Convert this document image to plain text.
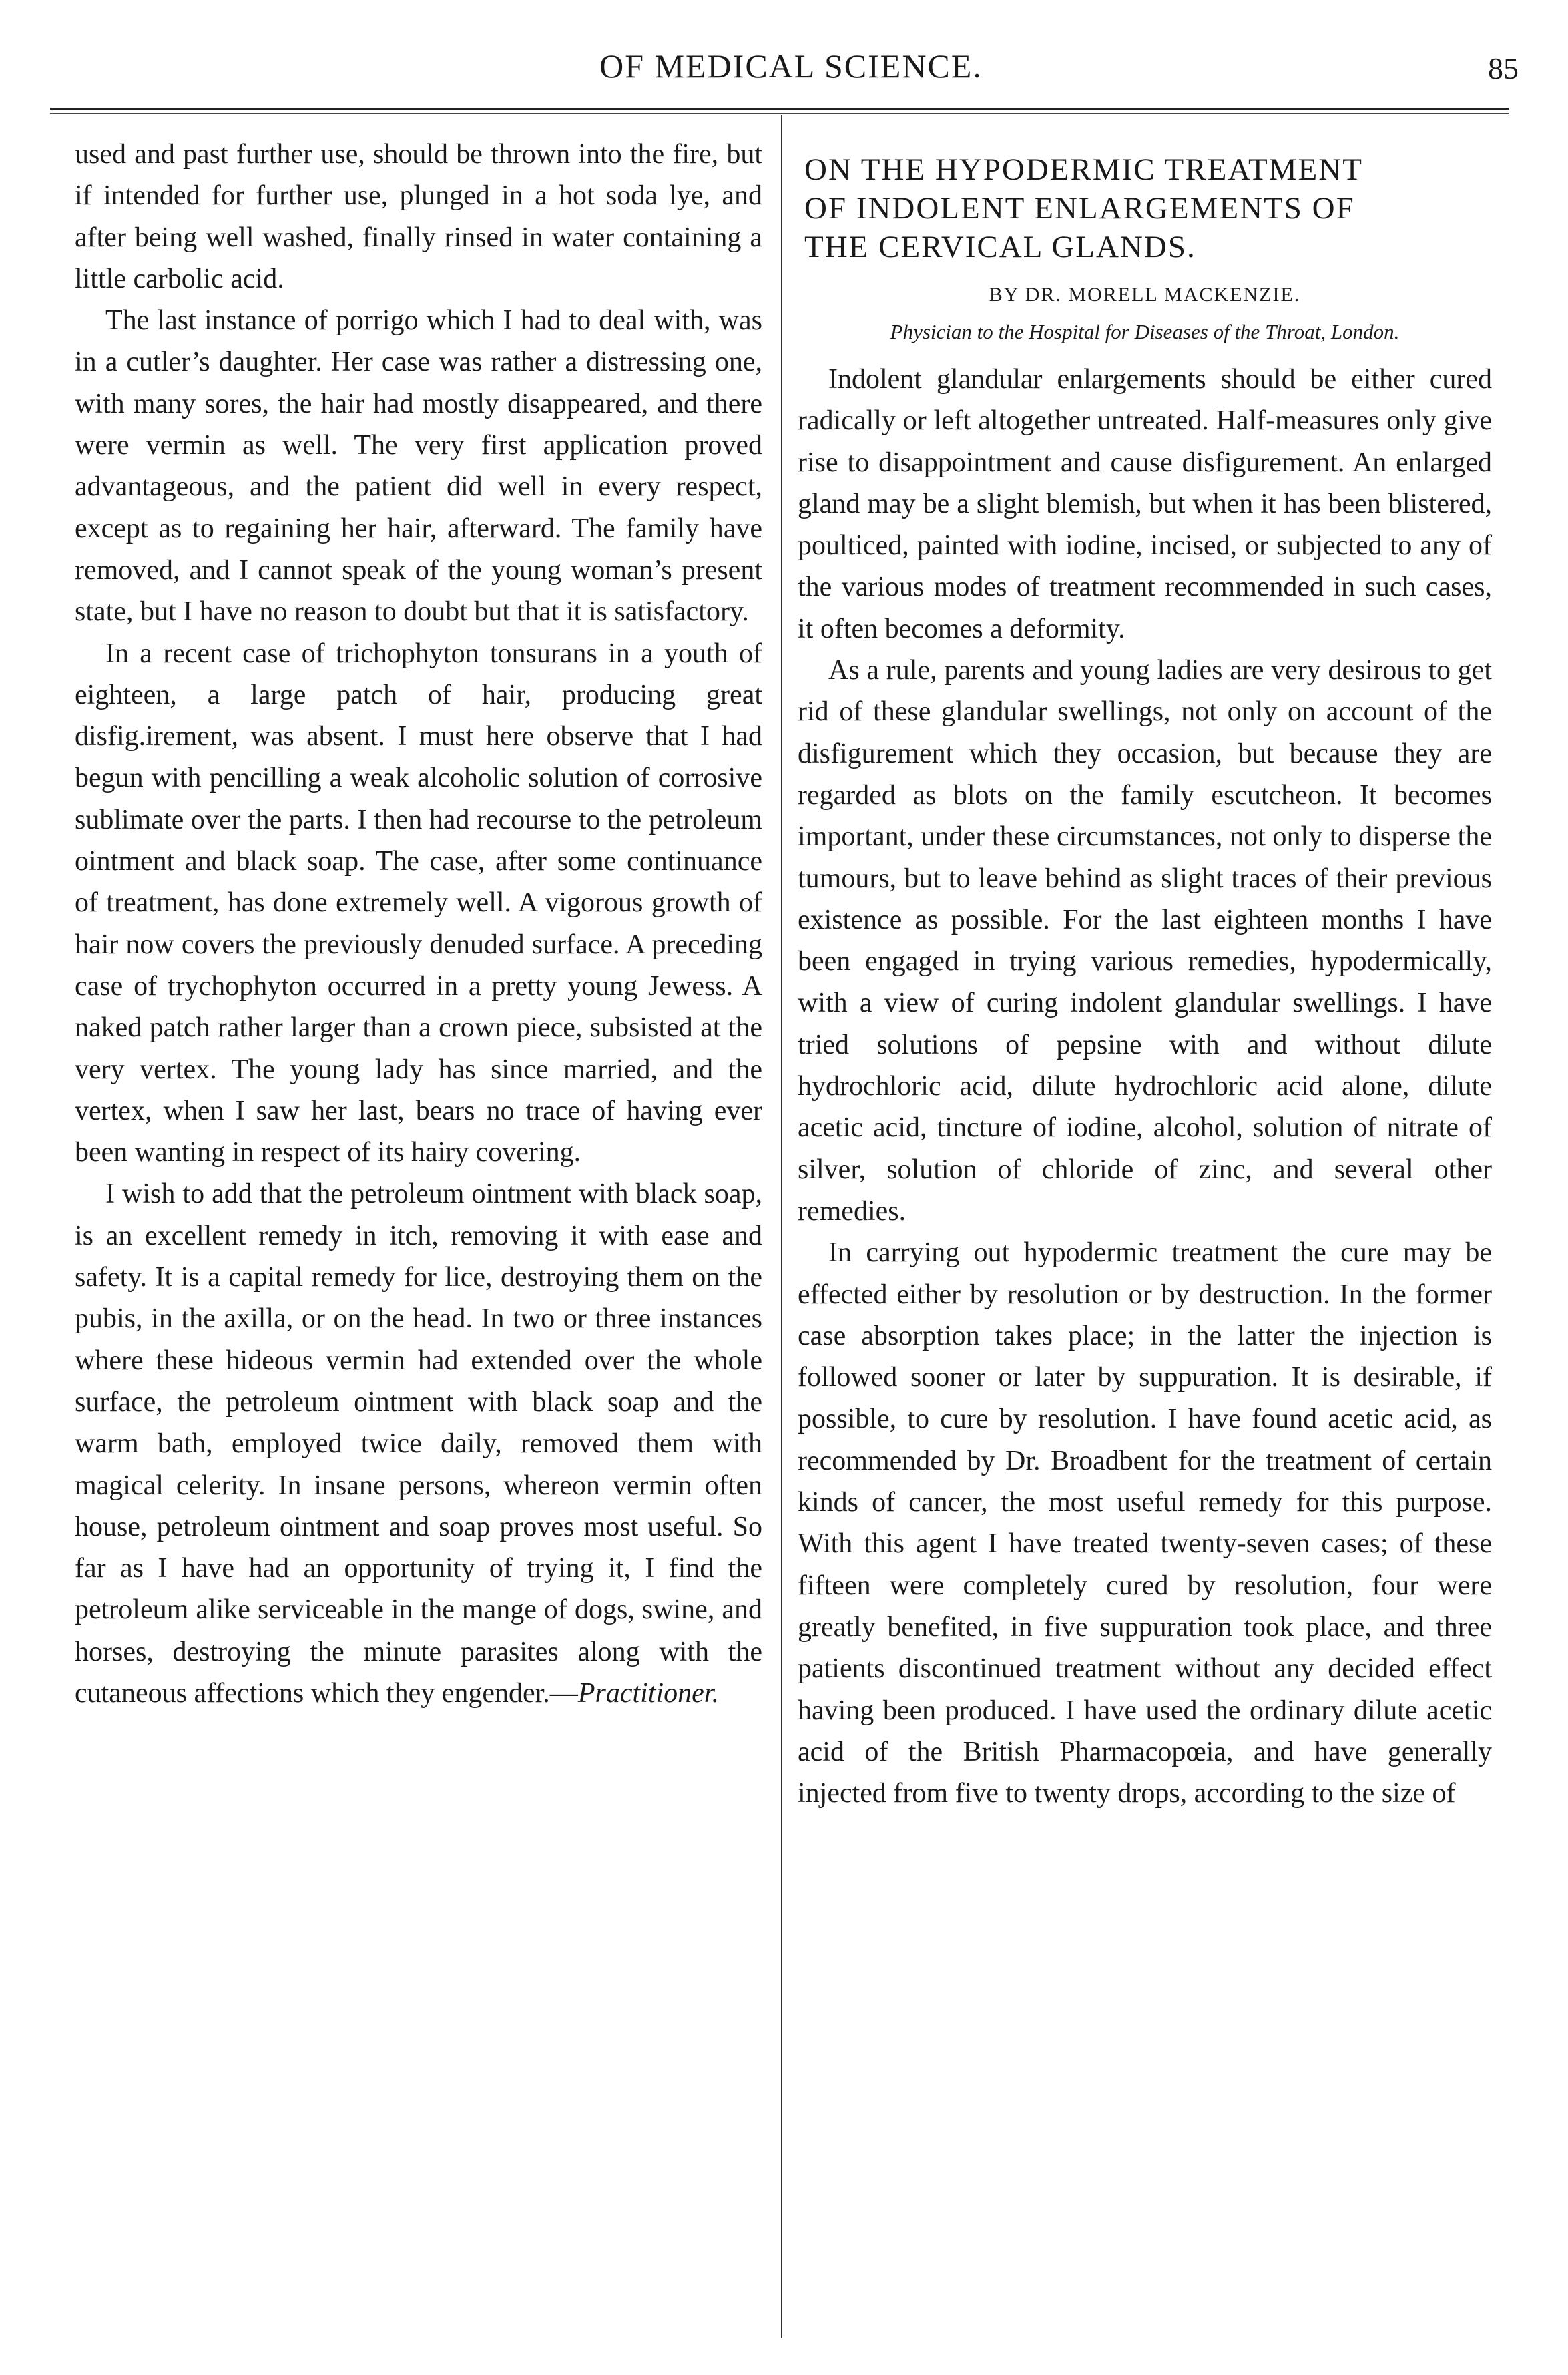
OF MEDICAL SCIENCE.	85

used and past further use, should be thrown into the fire, but if intended for further use, plunged in a hot soda lye, and after being well washed, finally rinsed in water containing a little carbolic acid.

The last instance of porrigo which I had to deal with, was in a cutler’s daughter. Her case was rather a distressing one, with many sores, the hair had mostly disappeared, and there were vermin as well. The very first application proved advantageous, and the patient did well in every respect, except as to regaining her hair, afterward. The family have removed, and I cannot speak of the young woman’s present state, but I have no reason to doubt but that it is satisfactory.

In a recent case of trichophyton tonsurans in a youth of eighteen, a large patch of hair, producing great disfig.irement, was absent. I must here observe that I had begun with pencilling a weak alcoholic solution of corrosive sublimate over the parts. I then had recourse to the petroleum ointment and black soap. The case, after some continuance of treatment, has done extremely well. A vigorous growth of hair now covers the previously denuded surface. A preceding case of trychophyton occurred in a pretty young Jewess. A naked patch rather larger than a crown piece, subsisted at the very vertex. The young lady has since married, and the vertex, when I saw her last, bears no trace of having ever been wanting in respect of its hairy covering.

I wish to add that the petroleum ointment with black soap, is an excellent remedy in itch, removing it with ease and safety. It is a capital remedy for lice, destroying them on the pubis, in the axilla, or on the head. In two or three instances where these hideous vermin had extended over the whole surface, the petroleum ointment with black soap and the warm bath, employed twice daily, removed them with magical celerity. In insane persons, whereon vermin often house, petroleum ointment and soap proves most useful. So far as I have had an opportunity of trying it, I find the petroleum alike serviceable in the mange of dogs, swine, and horses, destroying the minute parasites along with the cutaneous affections which they engender.—Practitioner.

ON THE HYPODERMIC TREATMENT
OF INDOLENT ENLARGEMENTS OF
THE CERVICAL GLANDS.
BY DR. MORELL MACKENZIE.
Physician to the Hospital for Diseases of the Throat, London.

Indolent glandular enlargements should be either cured radically or left altogether untreated. Half-measures only give rise to disappointment and cause disfigurement. An enlarged gland may be a slight blemish, but when it has been blistered, poulticed, painted with iodine, incised, or subjected to any of the various modes of treatment recommended in such cases, it often becomes a deformity.

As a rule, parents and young ladies are very desirous to get rid of these glandular swellings, not only on account of the disfigurement which they occasion, but because they are regarded as blots on the family escutcheon. It becomes important, under these circumstances, not only to disperse the tumours, but to leave behind as slight traces of their previous existence as possible. For the last eighteen months I have been engaged in trying various remedies, hypodermically, with a view of curing indolent glandular swellings. I have tried solutions of pepsine with and without dilute hydrochloric acid, dilute hydrochloric acid alone, dilute acetic acid, tincture of iodine, alcohol, solution of nitrate of silver, solution of chloride of zinc, and several other remedies.

In carrying out hypodermic treatment the cure may be effected either by resolution or by destruction. In the former case absorption takes place; in the latter the injection is followed sooner or later by suppuration. It is desirable, if possible, to cure by resolution. I have found acetic acid, as recommended by Dr. Broadbent for the treatment of certain kinds of cancer, the most useful remedy for this purpose. With this agent I have treated twenty-seven cases; of these fifteen were completely cured by resolution, four were greatly benefited, in five suppuration took place, and three patients discontinued treatment without any decided effect having been produced. I have used the ordinary dilute acetic acid of the British Pharmacopœia, and have generally injected from five to twenty drops, according to the size of
